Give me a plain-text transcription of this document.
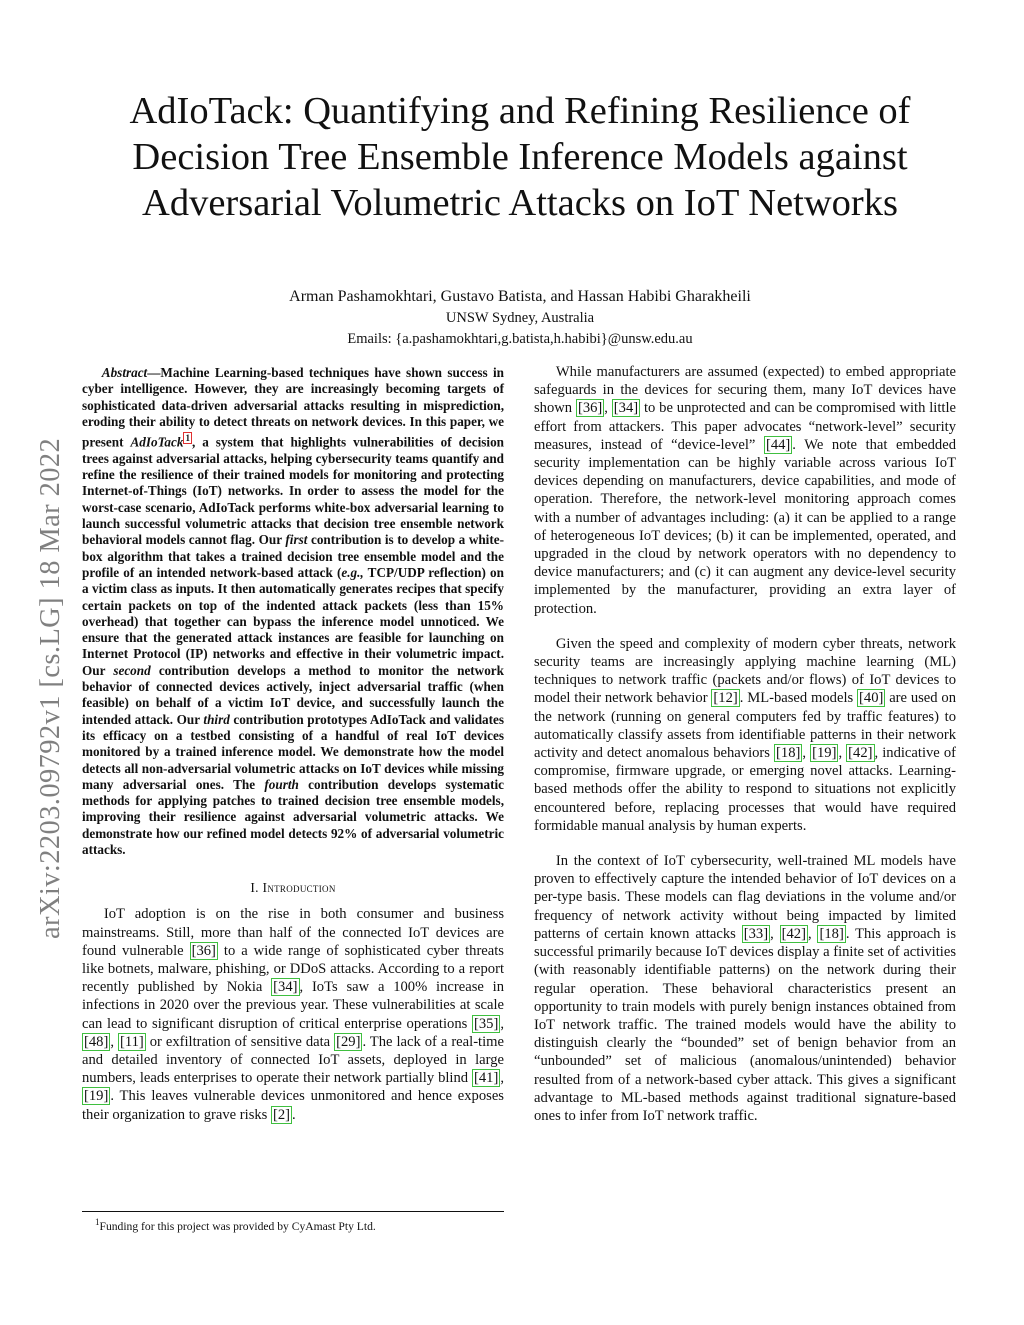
AdIoTack: Quantifying and Refining Resilience of Decision Tree Ensemble Inference Models against Adversarial Volumetric Attacks on IoT Networks
Arman Pashamokhtari, Gustavo Batista, and Hassan Habibi Gharakheili
UNSW Sydney, Australia
Emails: {a.pashamokhtari,g.batista,h.habibi}@unsw.edu.au
arXiv:2203.09792v1 [cs.LG] 18 Mar 2022

Abstract—Machine Learning-based techniques have shown success in cyber intelligence. However, they are increasingly becoming targets of sophisticated data-driven adversarial attacks resulting in misprediction, eroding their ability to detect threats on network devices. In this paper, we present AdIoTack $^1$ , a system that highlights vulnerabilities of decision trees against adversarial attacks, helping cybersecurity teams quantify and refine the resilience of their trained models for monitoring and protecting Internet-of-Things (IoT) networks. In order to assess the model for the worst-case scenario, AdIoTack performs white-box adversarial learning to launch successful volumetric attacks that decision tree ensemble network behavioral models cannot flag. Our first contribution is to develop a white-box algorithm that takes a trained decision tree ensemble model and the profile of an intended network-based attack (e.g., TCP/UDP reflection) on a victim class as inputs. It then automatically generates recipes that specify certain packets on top of the indented attack packets (less than 15% overhead) that together can bypass the inference model unnoticed. We ensure that the generated attack instances are feasible for launching on Internet Protocol (IP) networks and effective in their volumetric impact. Our second contribution develops a method to monitor the network behavior of connected devices actively, inject adversarial traffic (when feasible) on behalf of a victim IoT device, and successfully launch the intended attack. Our third contribution prototypes AdIoTack and validates its efficacy on a testbed consisting of a handful of real IoT devices monitored by a trained inference model. We demonstrate how the model detects all non-adversarial volumetric attacks on IoT devices while missing many adversarial ones. The fourth contribution develops systematic methods for applying patches to trained decision tree ensemble models, improving their resilience against adversarial volumetric attacks. We demonstrate how our refined model detects 92% of adversarial volumetric attacks.

I. Introduction

IoT adoption is on the rise in both consumer and business mainstreams. Still, more than half of the connected IoT devices are found vulnerable [36] to a wide range of sophisticated cyber threats like botnets, malware, phishing, or DDoS attacks. According to a report recently published by Nokia [34] , IoTs saw a 100% increase in infections in 2020 over the previous year. These vulnerabilities at scale can lead to significant disruption of critical enterprise operations [35] , [48] , [11] or exfiltration of sensitive data [29] . The lack of a real-time and detailed inventory of connected IoT assets, deployed in large numbers, leads enterprises to operate their network partially blind [41] , [19] . This leaves vulnerable devices unmonitored and hence exposes their organization to grave risks [2] .

$^1$Funding for this project was provided by CyAmast Pty Ltd.

While manufacturers are assumed (expected) to embed appropriate safeguards in the devices for securing them, many IoT devices have shown [36] , [34] to be unprotected and can be compromised with little effort from attackers. This paper advocates “network-level” security measures, instead of “device-level” [44] . We note that embedded security implementation can be highly variable across various IoT devices depending on manufacturers, device capabilities, and mode of operation. Therefore, the network-level monitoring approach comes with a number of advantages including: (a) it can be applied to a range of heterogeneous IoT devices; (b) it can be implemented, operated, and upgraded in the cloud by network operators with no dependency to device manufacturers; and (c) it can augment any device-level security implemented by the manufacturer, providing an extra layer of protection.

Given the speed and complexity of modern cyber threats, network security teams are increasingly applying machine learning (ML) techniques to network traffic (packets and/or flows) of IoT devices to model their network behavior [12] . ML-based models [40] are used on the network (running on general computers fed by traffic features) to automatically classify assets from identifiable patterns in their network activity and detect anomalous behaviors [18] , [19] , [42] , indicative of compromise, firmware upgrade, or emerging novel attacks. Learning-based methods offer the ability to respond to situations not explicitly encountered before, replacing processes that would have required formidable manual analysis by human experts.

In the context of IoT cybersecurity, well-trained ML models have proven to effectively capture the intended behavior of IoT devices on a per-type basis. These models can flag deviations in the volume and/or frequency of network activity without being impacted by limited patterns of certain known attacks [33] , [42] , [18] . This approach is successful primarily because IoT devices display a finite set of activities (with reasonably identifiable patterns) on the network during their regular operation. These behavioral characteristics present an opportunity to train models with purely benign instances obtained from IoT network traffic. The trained models would have the ability to distinguish clearly the “bounded” set of benign behavior from an “unbounded” set of malicious (anomalous/unintended) behavior resulted from of a network-based cyber attack. This gives a significant advantage to ML-based methods against traditional signature-based ones to infer from IoT network traffic.
